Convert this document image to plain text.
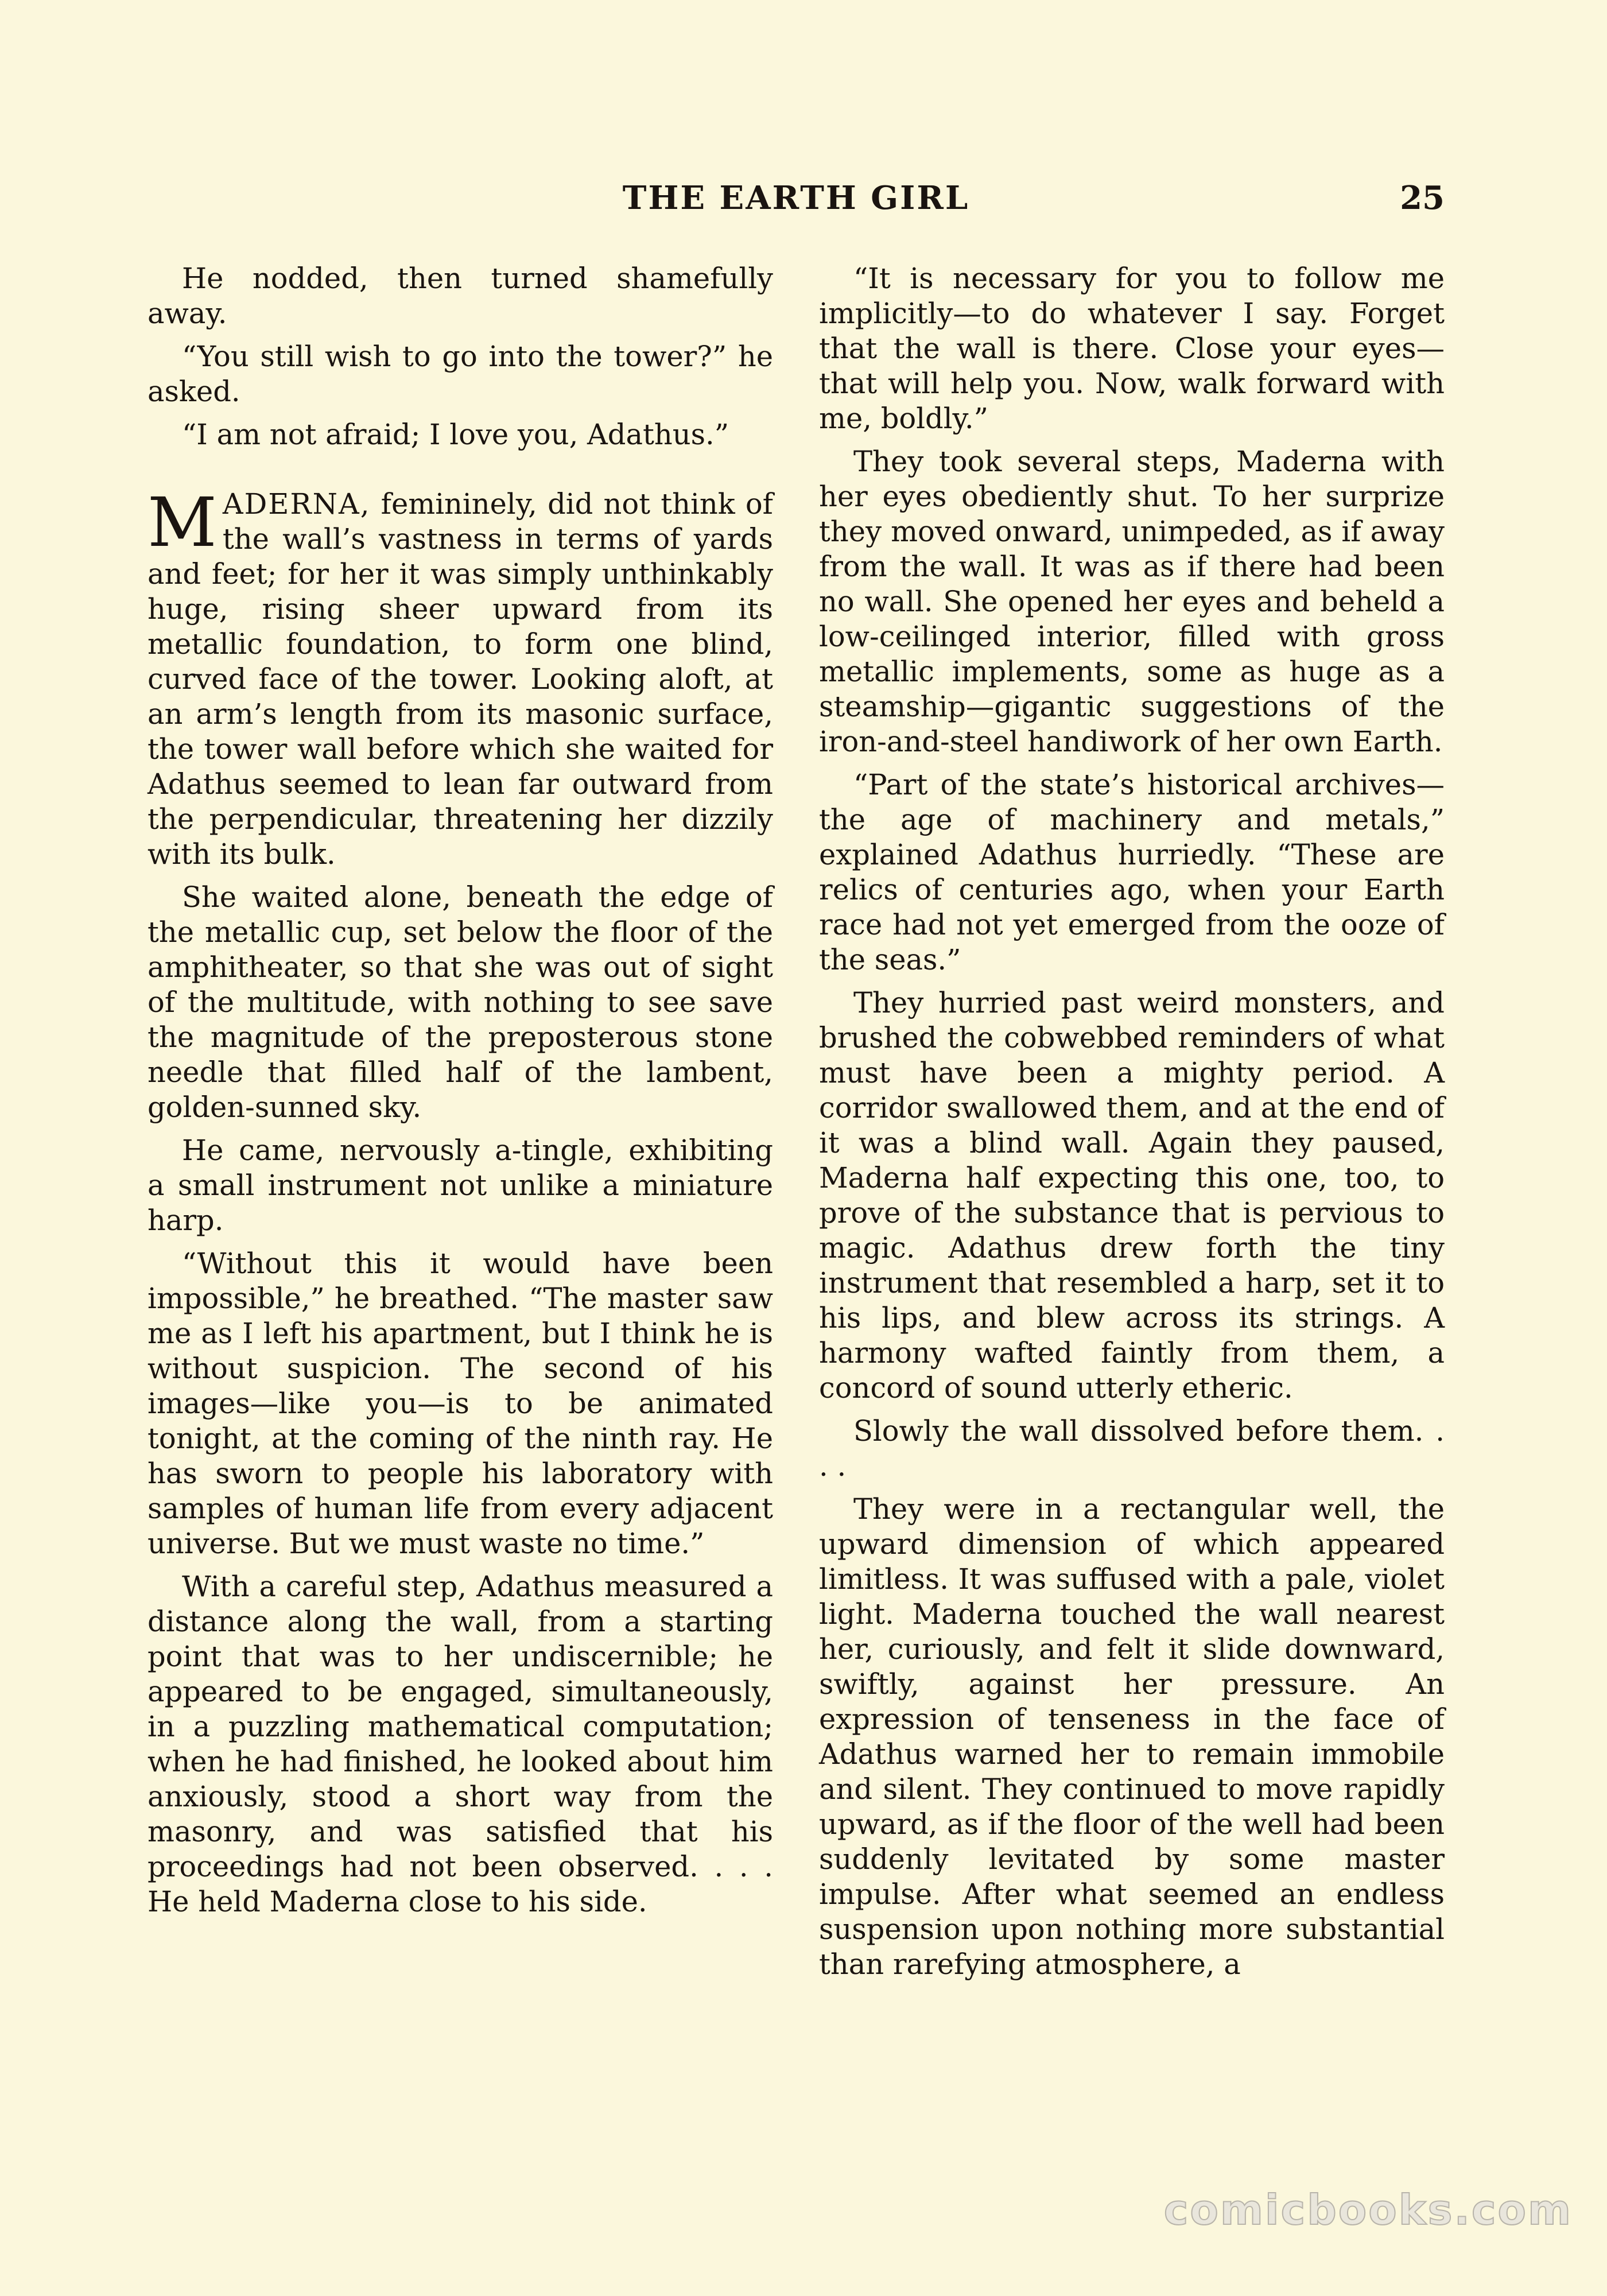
THE EARTH GIRL	25

He nodded, then turned shamefully away.

“You still wish to go into the tower?” he asked.

“I am not afraid; I love you, Adathus.”

MADERNA, femininely, did not think of the wall’s vastness in terms of yards and feet; for her it was simply unthinkably huge, rising sheer upward from its metallic foundation, to form one blind, curved face of the tower. Looking aloft, at an arm’s length from its masonic surface, the tower wall before which she waited for Adathus seemed to lean far outward from the perpendicular, threatening her dizzily with its bulk.

She waited alone, beneath the edge of the metallic cup, set below the floor of the amphitheater, so that she was out of sight of the multitude, with nothing to see save the magnitude of the preposterous stone needle that filled half of the lambent, golden-sunned sky.

He came, nervously a-tingle, exhibiting a small instrument not unlike a miniature harp.

“Without this it would have been impossible,” he breathed. “The master saw me as I left his apartment, but I think he is without suspicion. The second of his images—like you—is to be animated tonight, at the coming of the ninth ray. He has sworn to people his laboratory with samples of human life from every adjacent universe. But we must waste no time.”

With a careful step, Adathus measured a distance along the wall, from a starting point that was to her undiscernible; he appeared to be engaged, simultaneously, in a puzzling mathematical computation; when he had finished, he looked about him anxiously, stood a short way from the masonry, and was satisfied that his proceedings had not been observed. . . . He held Maderna close to his side.

“It is necessary for you to follow me implicitly—to do whatever I say. Forget that the wall is there. Close your eyes—that will help you. Now, walk forward with me, boldly.”

They took several steps, Maderna with her eyes obediently shut. To her surprize they moved onward, unimpeded, as if away from the wall. It was as if there had been no wall. She opened her eyes and beheld a low-ceilinged interior, filled with gross metallic implements, some as huge as a steamship—gigantic suggestions of the iron-and-steel handiwork of her own Earth.

“Part of the state’s historical archives—the age of machinery and metals,” explained Adathus hurriedly. “These are relics of centuries ago, when your Earth race had not yet emerged from the ooze of the seas.”

They hurried past weird monsters, and brushed the cobwebbed reminders of what must have been a mighty period. A corridor swallowed them, and at the end of it was a blind wall. Again they paused, Maderna half expecting this one, too, to prove of the substance that is pervious to magic. Adathus drew forth the tiny instrument that resembled a harp, set it to his lips, and blew across its strings. A harmony wafted faintly from them, a concord of sound utterly etheric.

Slowly the wall dissolved before them. . . .

They were in a rectangular well, the upward dimension of which appeared limitless. It was suffused with a pale, violet light. Maderna touched the wall nearest her, curiously, and felt it slide downward, swiftly, against her pressure. An expression of tenseness in the face of Adathus warned her to remain immobile and silent. They continued to move rapidly upward, as if the floor of the well had been suddenly levitated by some master impulse. After what seemed an endless suspension upon nothing more substantial than rarefying atmosphere, a

comicbooks.com
